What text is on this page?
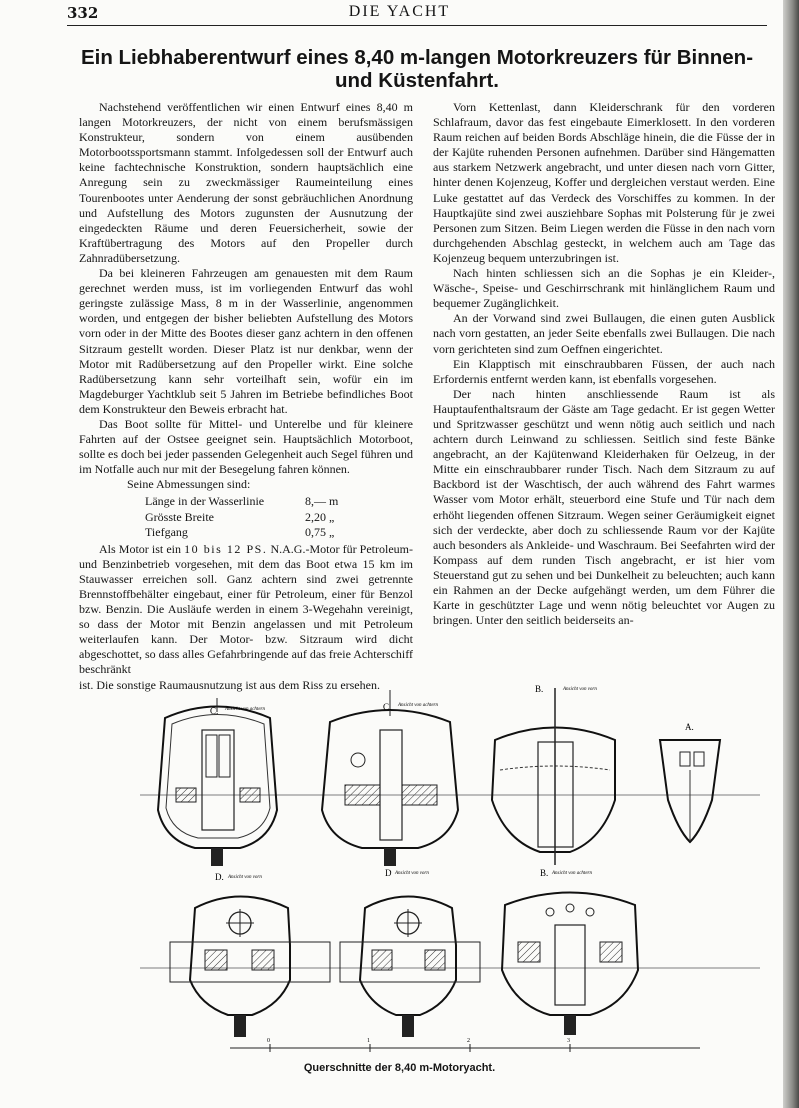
332	DIE YACHT
Ein Liebhaberentwurf eines 8,40 m-langen Motorkreuzers für Binnen- und Küstenfahrt.

Nachstehend veröffentlichen wir einen Entwurf eines 8,40 m langen Motorkreuzers, der nicht von einem berufsmässigen Konstrukteur, sondern von einem ausübenden Motorbootssportsmann stammt. Infolgedessen soll der Entwurf auch keine fachtechnische Konstruktion, sondern hauptsächlich eine Anregung sein zu zweckmässiger Raumeinteilung eines Tourenbootes unter Aenderung der sonst gebräuchlichen Anordnung und Aufstellung des Motors zugunsten der Ausnutzung der eingedeckten Räume und deren Feuersicherheit, sowie der Kraftübertragung des Motors auf den Propeller durch Zahnradübersetzung.

Da bei kleineren Fahrzeugen am genauesten mit dem Raum gerechnet werden muss, ist im vorliegenden Entwurf das wohl geringste zulässige Mass, 8 m in der Wasserlinie, angenommen worden, und entgegen der bisher beliebten Aufstellung des Motors vorn oder in der Mitte des Bootes dieser ganz achtern in den offenen Sitzraum gestellt worden. Dieser Platz ist nur denkbar, wenn der Motor mit Radübersetzung auf den Propeller wirkt. Eine solche Radübersetzung kann sehr vorteilhaft sein, wofür ein im Magdeburger Yachtklub seit 5 Jahren im Betriebe befindliches Boot dem Konstrukteur den Beweis erbracht hat.

Das Boot sollte für Mittel- und Unterelbe und für kleinere Fahrten auf der Ostsee geeignet sein. Hauptsächlich Motorboot, sollte es doch bei jeder passenden Gelegenheit auch Segel führen und im Notfalle auch nur mit der Besegelung fahren können.

Seine Abmessungen sind:

Länge in der Wasserlinie	8,— m
Grösste Breite	2,20 „
Tiefgang	0,75 „

Als Motor ist ein 10 bis 12 PS. N.A.G.-Motor für Petroleum- und Benzinbetrieb vorgesehen, mit dem das Boot etwa 15 km im Stauwasser erreichen soll. Ganz achtern sind zwei getrennte Brennstoffbehälter eingebaut, einer für Petroleum, einer für Benzol bzw. Benzin. Die Ausläufe werden in einem 3-Wegehahn vereinigt, so dass der Motor mit Benzin angelassen und mit Petroleum weiterlaufen kann. Der Motor- bzw. Sitzraum wird dicht abgeschottet, so dass alles Gefahrbringende auf das freie Achterschiff beschränkt

ist. Die sonstige Raumausnutzung ist aus dem Riss zu ersehen.

Vorn Kettenlast, dann Kleiderschrank für den vorderen Schlafraum, davor das fest eingebaute Eimerklosett. In den vorderen Raum reichen auf beiden Bords Abschläge hinein, die die Füsse der in der Kajüte ruhenden Personen aufnehmen. Darüber sind Hängematten aus starkem Netzwerk angebracht, und unter diesen nach vorn Gitter, hinter denen Kojenzeug, Koffer und dergleichen verstaut werden. Eine Luke gestattet auf das Verdeck des Vorschiffes zu kommen. In der Hauptkajüte sind zwei ausziehbare Sophas mit Polsterung für je zwei Personen zum Sitzen. Beim Liegen werden die Füsse in den nach vorn durchgehenden Abschlag gesteckt, in welchem auch am Tage das Kojenzeug bequem unterzubringen ist.

Nach hinten schliessen sich an die Sophas je ein Kleider-, Wäsche-, Speise- und Geschirrschrank mit hinlänglichem Raum und bequemer Zugänglichkeit.

An der Vorwand sind zwei Bullaugen, die einen guten Ausblick nach vorn gestatten, an jeder Seite ebenfalls zwei Bullaugen. Die nach vorn gerichteten sind zum Oeffnen eingerichtet.

Ein Klapptisch mit einschraubbaren Füssen, der auch nach Erfordernis entfernt werden kann, ist ebenfalls vorgesehen.

Der nach hinten anschliessende Raum ist als Hauptaufenthaltsraum der Gäste am Tage gedacht. Er ist gegen Wetter und Spritzwasser geschützt und wenn nötig auch seitlich und nach achtern durch Leinwand zu schliessen. Seitlich sind feste Bänke angebracht, an der Kajütenwand Kleiderhaken für Oelzeug, in der Mitte ein einschraubbarer runder Tisch. Nach dem Sitzraum zu auf Backbord ist der Waschtisch, der auch während des Fahrt warmes Wasser vom Motor erhält, steuerbord eine Stufe und Tür nach dem erhöht liegenden offenen Sitzraum. Wegen seiner Geräumigkeit eignet sich der verdeckte, aber doch zu schliessende Raum vor der Kajüte auch besonders als Ankleide- und Waschraum. Bei Seefahrten wird der Kompass auf dem runden Tisch angebracht, er ist hier vom Steuerstand gut zu sehen und bei Dunkelheit zu beleuchten; auch kann ein Rahmen an der Decke aufgehängt werden, um dem Führer die Karte in geschützter Lage und wenn nötig beleuchtet vor Augen zu bringen. Unter den seitlich beiderseits an-

C.	C.
B.
A.
D.	D	B.
Ansicht von achtern
Ansicht von achtern
Ansicht von vorn
Ansicht von vorn
Ansicht von vorn	Ansicht von achtern
0	1	2	3
Querschnitte der 8,40 m-Motoryacht.
